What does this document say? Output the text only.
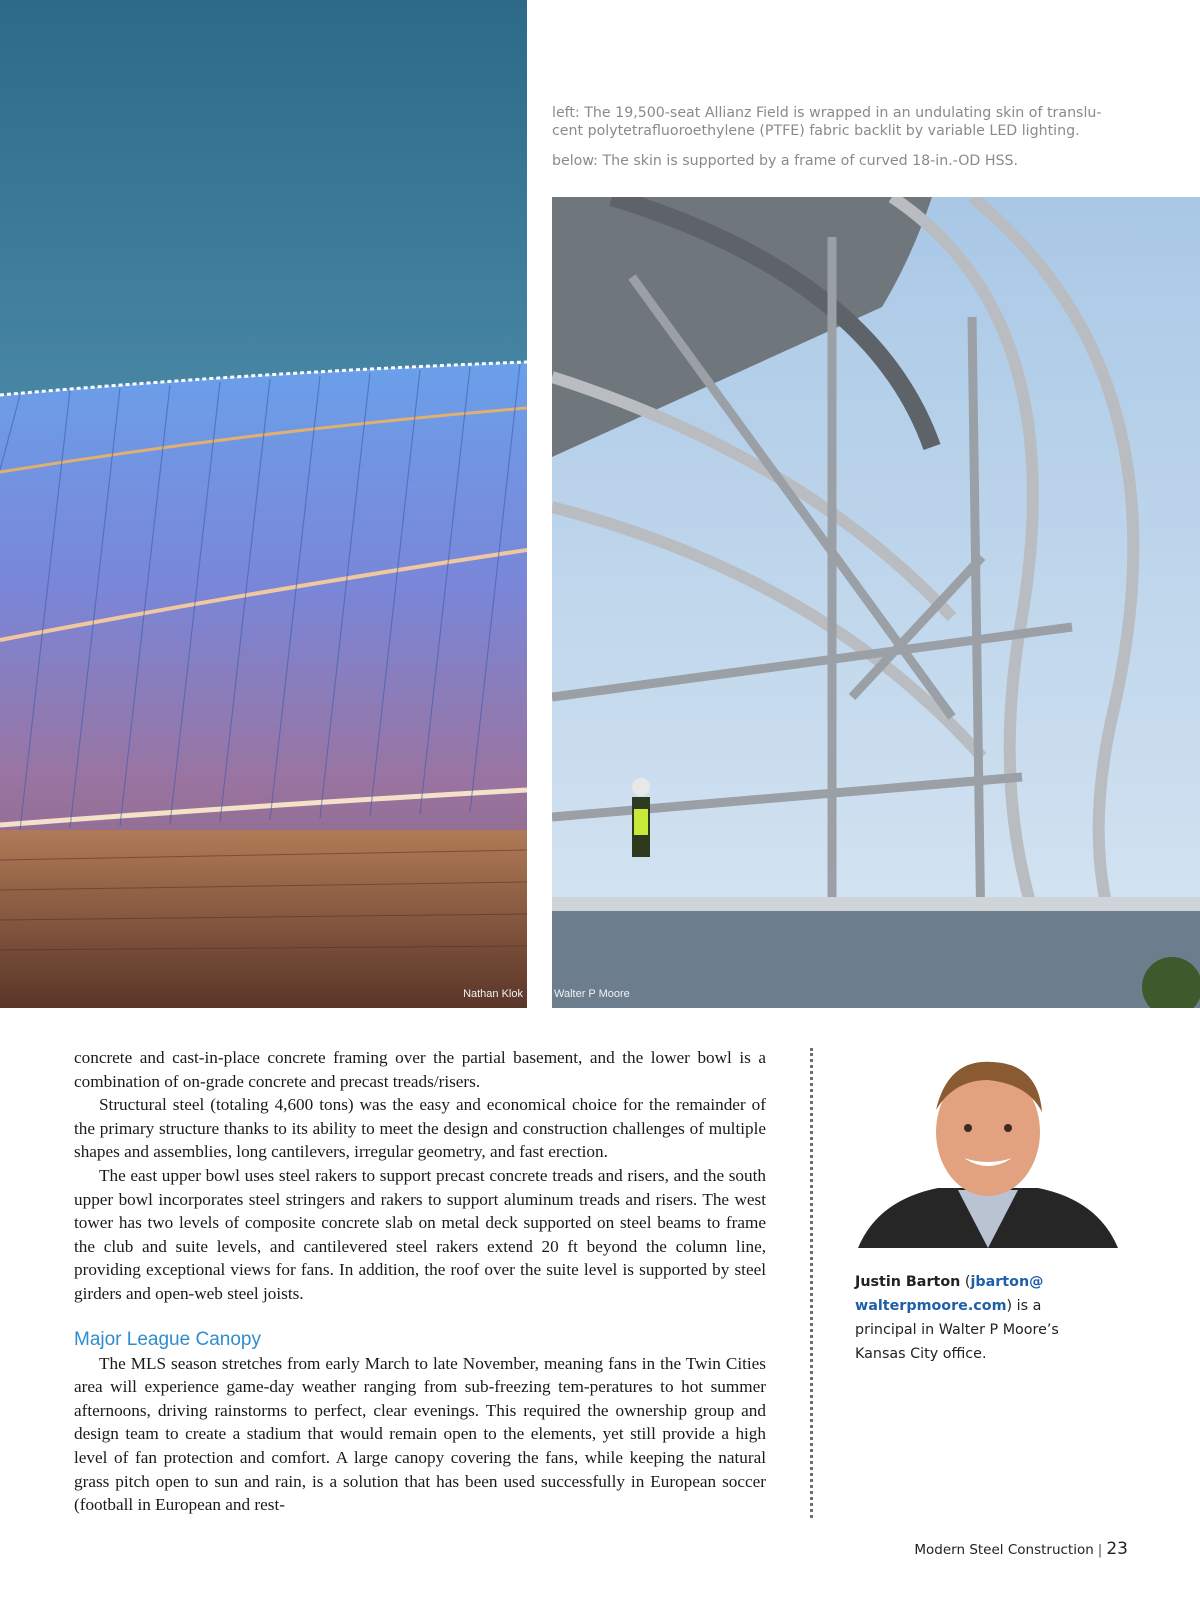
Nathan Klok	Walter P Moore

left: The 19,500-seat Allianz Field is wrapped in an undulating skin of translu-cent polytetrafluoroethylene (PTFE) fabric backlit by variable LED lighting.

below: The skin is supported by a frame of curved 18-in.-OD HSS.

concrete and cast-in-place concrete framing over the partial basement, and the lower bowl is a combination of on-grade concrete and precast treads/risers.

Structural steel (totaling 4,600 tons) was the easy and economical choice for the remainder of the primary structure thanks to its ability to meet the design and construction challenges of multiple shapes and assemblies, long cantilevers, irregular geometry, and fast erection.

The east upper bowl uses steel rakers to support precast concrete treads and risers, and the south upper bowl incorporates steel stringers and rakers to support aluminum treads and risers. The west tower has two levels of composite concrete slab on metal deck supported on steel beams to frame the club and suite levels, and cantilevered steel rakers extend 20 ft beyond the column line, providing exceptional views for fans. In addition, the roof over the suite level is supported by steel girders and open-web steel joists.

Major League Canopy

The MLS season stretches from early March to late November, meaning fans in the Twin Cities area will experience game-day weather ranging from sub-freezing tem-peratures to hot summer afternoons, driving rainstorms to perfect, clear evenings. This required the ownership group and design team to create a stadium that would remain open to the elements, yet still provide a high level of fan protection and comfort. A large canopy covering the fans, while keeping the natural grass pitch open to sun and rain, is a solution that has been used successfully in European soccer (football in European and rest-

Justin Barton (jbarton@ walterpmoore.com) is a principal in Walter P Moore’s Kansas City office.
Modern Steel Construction | 23
